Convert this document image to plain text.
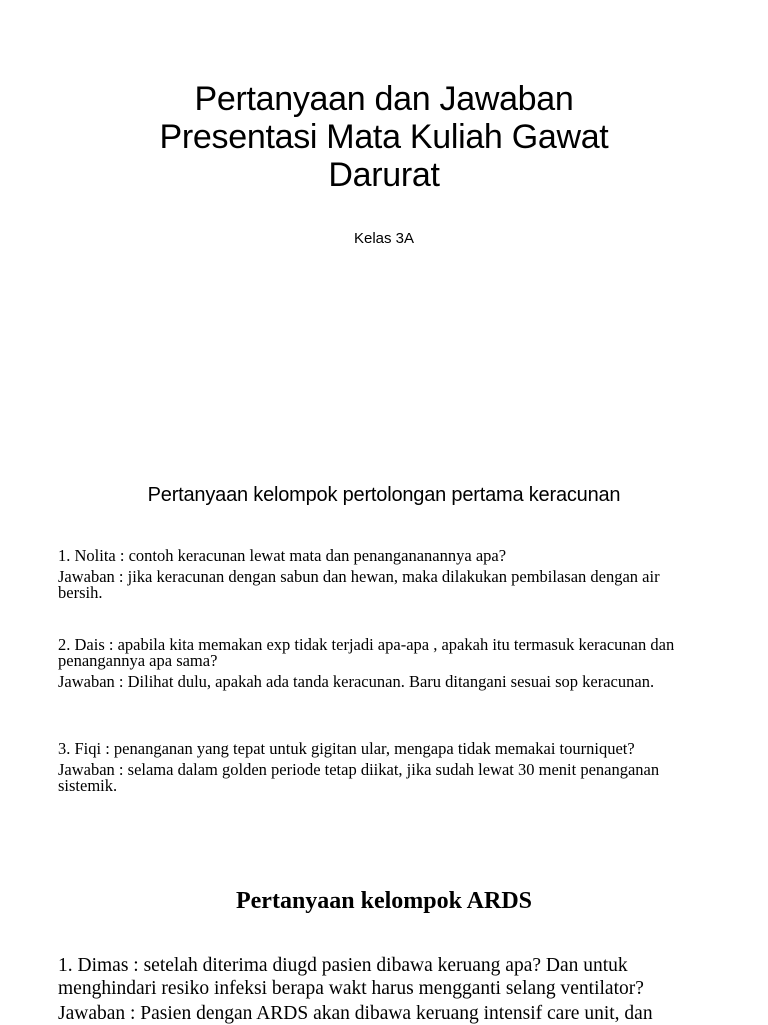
Pertanyaan dan Jawaban
Presentasi Mata Kuliah Gawat
Darurat
Kelas 3A
Pertanyaan kelompok pertolongan pertama keracunan

1. Nolita : contoh keracunan lewat mata dan penangananannya apa?

Jawaban : jika keracunan dengan sabun dan hewan, maka dilakukan pembilasan dengan air bersih.

2. Dais : apabila kita memakan exp tidak terjadi apa-apa , apakah itu termasuk keracunan dan penangannya apa sama?

Jawaban : Dilihat dulu, apakah ada tanda keracunan. Baru ditangani sesuai sop keracunan.

3. Fiqi : penanganan yang tepat untuk gigitan ular, mengapa tidak memakai tourniquet?

Jawaban : selama dalam golden periode tetap diikat, jika sudah lewat 30 menit penanganan sistemik.

Pertanyaan kelompok ARDS

1. Dimas : setelah diterima diugd pasien dibawa keruang apa? Dan untuk menghindari resiko infeksi berapa wakt harus mengganti selang ventilator?

Jawaban : Pasien dengan ARDS akan dibawa keruang intensif care unit, dan
